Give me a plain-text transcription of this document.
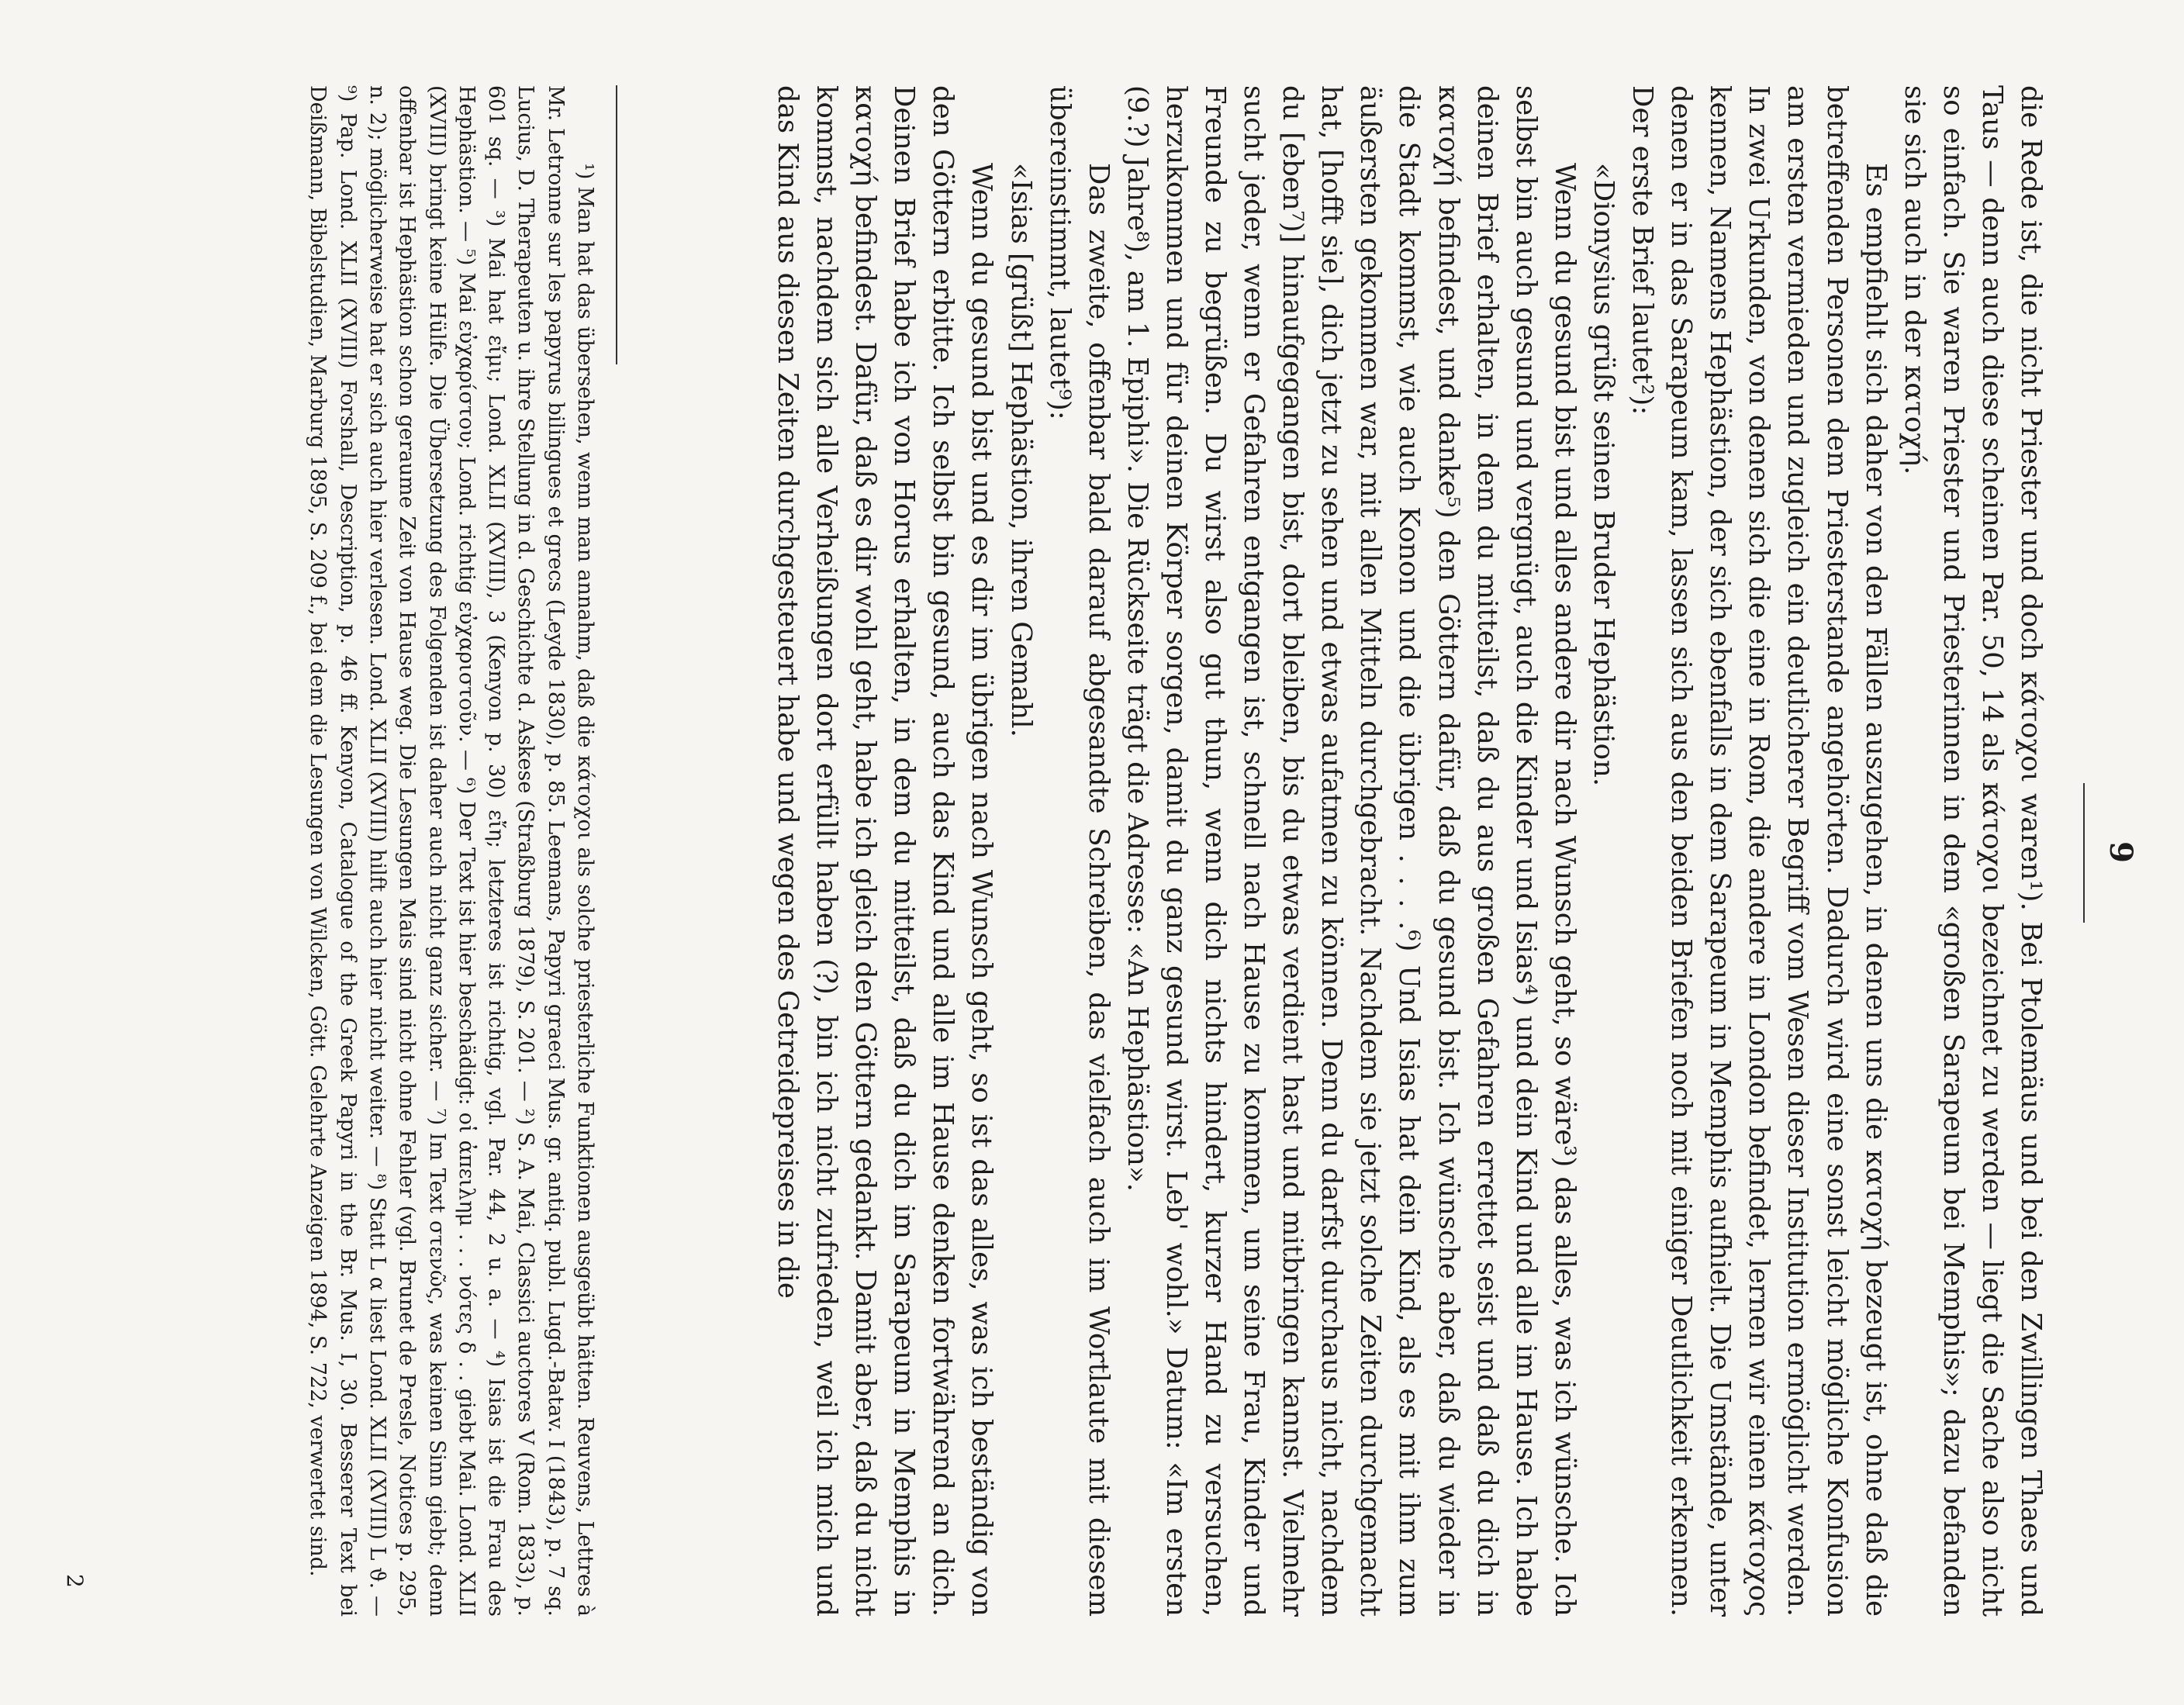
9

die Rede ist, die nicht Priester und doch κάτοχοι waren¹). Bei Ptolemäus und bei den Zwillingen Thaes und Taus — denn auch diese scheinen Par. 50, 14 als κάτοχοι bezeichnet zu werden — liegt die Sache also nicht so einfach. Sie waren Priester und Priesterinnen in dem «großen Sarapeum bei Memphis»; dazu befanden sie sich auch in der κατοχή.

Es empfiehlt sich daher von den Fällen auszugehen, in denen uns die κατοχή bezeugt ist, ohne daß die betreffenden Personen dem Priesterstande angehörten. Dadurch wird eine sonst leicht mögliche Konfusion am ersten vermieden und zugleich ein deutlicherer Begriff vom Wesen dieser Institution ermöglicht werden. In zwei Urkunden, von denen sich die eine in Rom, die andere in London befindet, lernen wir einen κάτοχος kennen, Namens Hephästion, der sich ebenfalls in dem Sarapeum in Memphis aufhielt. Die Umstände, unter denen er in das Sarapeum kam, lassen sich aus den beiden Briefen noch mit einiger Deutlichkeit erkennen. Der erste Brief lautet²):

«Dionysius grüßt seinen Bruder Hephästion.

Wenn du gesund bist und alles andere dir nach Wunsch geht, so wäre³) das alles, was ich wünsche. Ich selbst bin auch gesund und vergnügt, auch die Kinder und Isias⁴) und dein Kind und alle im Hause. Ich habe deinen Brief erhalten, in dem du mitteilst, daß du aus großen Gefahren errettet seist und daß du dich in κατοχή befindest, und danke⁵) den Göttern dafür, daß du gesund bist. Ich wünsche aber, daß du wieder in die Stadt kommst, wie auch Konon und die übrigen . . . .⁶) Und Isias hat dein Kind, als es mit ihm zum äußersten gekommen war, mit allen Mitteln durchgebracht. Nachdem sie jetzt solche Zeiten durchgemacht hat, [hofft sie], dich jetzt zu sehen und etwas aufatmen zu können. Denn du darfst durchaus nicht, nachdem du [eben⁷)] hinaufgegangen bist, dort bleiben, bis du etwas verdient hast und mitbringen kannst. Vielmehr sucht jeder, wenn er Gefahren entgangen ist, schnell nach Hause zu kommen, um seine Frau, Kinder und Freunde zu begrüßen. Du wirst also gut thun, wenn dich nichts hindert, kurzer Hand zu versuchen, herzukommen und für deinen Körper sorgen, damit du ganz gesund wirst. Leb' wohl.» Datum: «Im ersten (9.?) Jahre⁸), am 1. Epiphi». Die Rückseite trägt die Adresse: «An Hephästion».

Das zweite, offenbar bald darauf abgesandte Schreiben, das vielfach auch im Wortlaute mit diesem übereinstimmt, lautet⁹):

«Isias [grüßt] Hephästion, ihren Gemahl.

Wenn du gesund bist und es dir im übrigen nach Wunsch geht, so ist das alles, was ich beständig von den Göttern erbitte. Ich selbst bin gesund, auch das Kind und alle im Hause denken fortwährend an dich. Deinen Brief habe ich von Horus erhalten, in dem du mitteilst, daß du dich im Sarapeum in Memphis in κατοχή befindest. Dafür, daß es dir wohl geht, habe ich gleich den Göttern gedankt. Damit aber, daß du nicht kommst, nachdem sich alle Verheißungen dort erfüllt haben (?), bin ich nicht zufrieden, weil ich mich und das Kind aus diesen Zeiten durchgesteuert habe und wegen des Getreidepreises in die

¹) Man hat das übersehen, wenn man annahm, daß die κάτοχοι als solche priesterliche Funktionen ausgeübt hätten. Reuvens, Lettres à Mr. Letronne sur les papyrus bilingues et grecs (Leyde 1830), p. 85. Leemans, Papyri graeci Mus. gr. antiq. publ. Lugd.-Batav. I (1843), p. 7 sq. Lucius, D. Therapeuten u. ihre Stellung in d. Geschichte d. Askese (Straßburg 1879), S. 201. — ²) S. A. Mai, Classici auctores V (Rom. 1833), p. 601 sq. — ³) Mai hat εἴμι; Lond. XLII (XVIII), 3 (Kenyon p. 30) εἴη; letzteres ist richtig, vgl. Par. 44, 2 u. a. — ⁴) Isias ist die Frau des Hephästion. — ⁵) Mai εὐχαρίστου; Lond. richtig εὐχαριστοῦν. — ⁶) Der Text ist hier beschädigt: οἱ ἀπειλημ . . . νότες δ . . giebt Mai. Lond. XLII (XVIII) bringt keine Hülfe. Die Übersetzung des Folgenden ist daher auch nicht ganz sicher. — ⁷) Im Text στενῶς, was keinen Sinn giebt; denn offenbar ist Hephästion schon geraume Zeit von Hause weg. Die Lesungen Mais sind nicht ohne Fehler (vgl. Brunet de Presle, Notices p. 295, n. 2); möglicherweise hat er sich auch hier verlesen. Lond. XLII (XVIII) hilft auch hier nicht weiter. — ⁸) Statt L α liest Lond. XLII (XVIII) L ϑ. — ⁹) Pap. Lond. XLII (XVIII) Forshall, Description, p. 46 ff. Kenyon, Catalogue of the Greek Papyri in the Br. Mus. I, 30. Besserer Text bei Deißmann, Bibelstudien, Marburg 1895, S. 209 f., bei dem die Lesungen von Wilcken, Gött. Gelehrte Anzeigen 1894, S. 722, verwertet sind.

2
